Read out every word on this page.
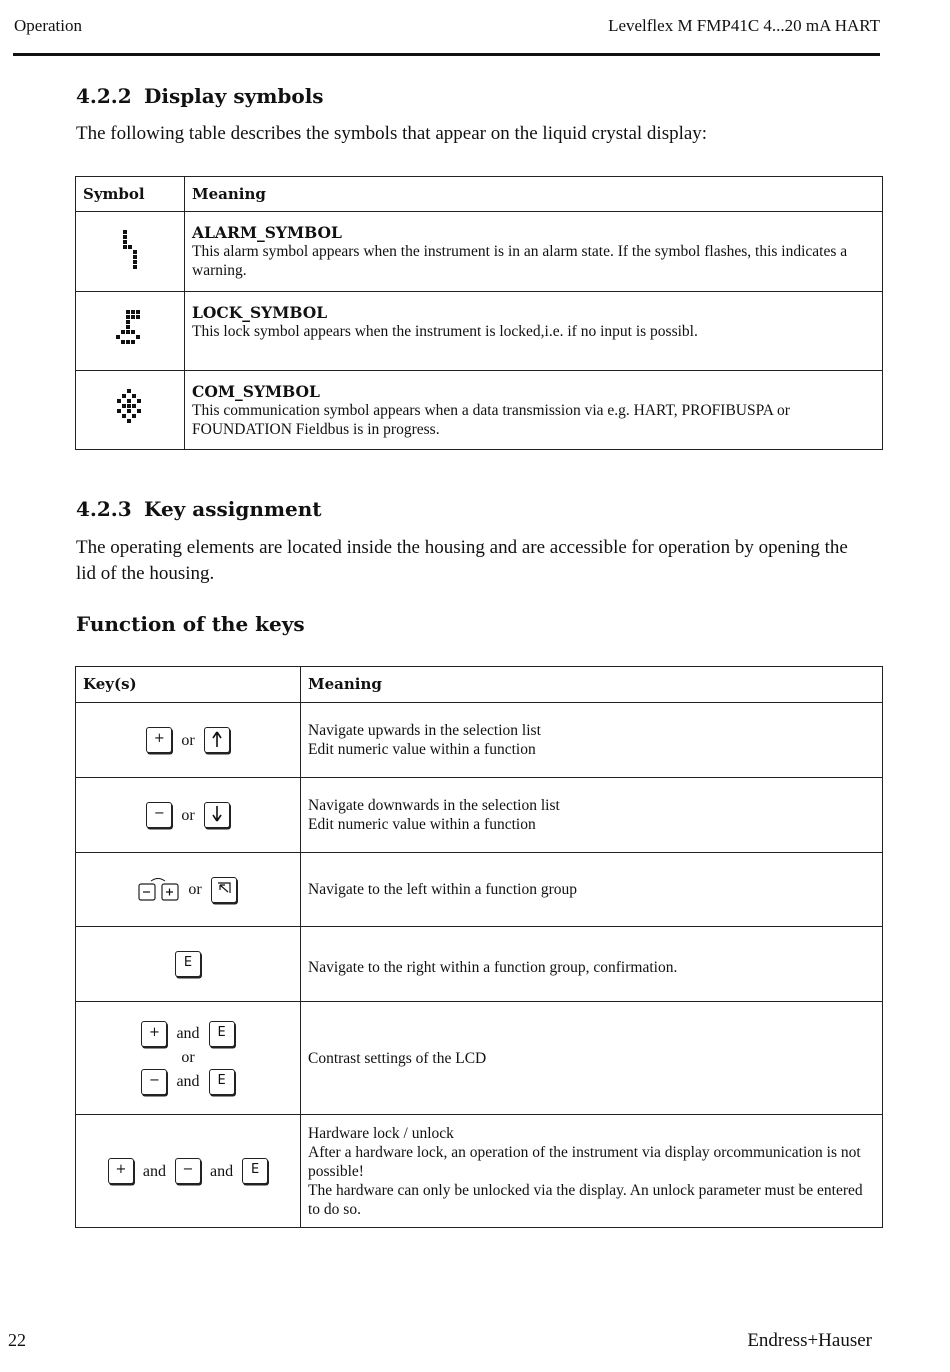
Operation	Levelflex M FMP41C 4...20 mA HART
4.2.2 Display symbols
The following table describes the symbols that appear on the liquid crystal display:
Symbol	Meaning

ALARM_SYMBOL
This alarm symbol appears when the instrument is in an alarm state. If the symbol flashes, this indicates a warning.

LOCK_SYMBOL
This lock symbol appears when the instrument is locked,i.e. if no input is possibl.

COM_SYMBOL
This communication symbol appears when a data transmission via e.g. HART, PROFIBUSPA or FOUNDATION Fieldbus is in progress.
4.2.3 Key assignment
The operating elements are located inside the housing and are accessible for operation by opening the lid of the housing.
Function of the keys
Key(s)	Meaning
+ or	Navigate upwards in the selection list
Edit numeric value within a function

− or	Navigate downwards in the selection list
Edit numeric value within a function

or	Navigate to the left within a function group

E	Navigate to the right within a function group, confirmation.

+ and E
or
− and E	Contrast settings of the LCD

+ and − and E	Hardware lock / unlock
After a hardware lock, an operation of the instrument via display orcommunication is not possible!
The hardware can only be unlocked via the display. An unlock parameter must be entered to do so.
22	Endress+Hauser
